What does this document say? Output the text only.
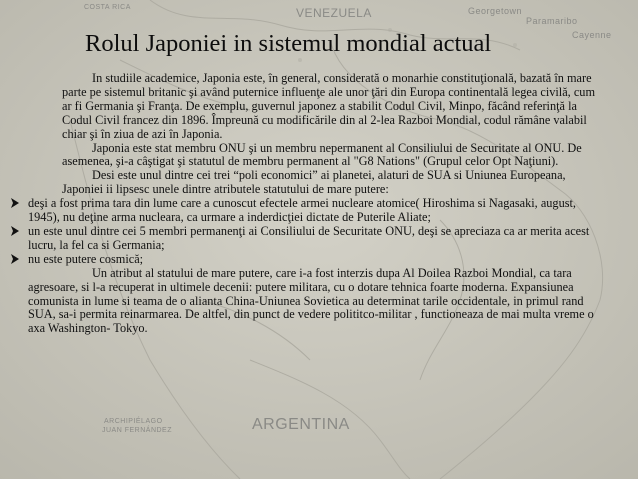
COSTA RICA	VENEZUELA	Georgetown
Paramaribo
Cayenne
ARCHIPIÉLAGO
JUAN FERNÁNDEZ	ARGENTINA
Rolul Japoniei in sistemul mondial actual

In studiile academice, Japonia este, în general, considerată o monarhie constituţională, bazată în mare parte pe sistemul britanic şi având puternice influenţe ale unor ţări din Europa continentală legea civilă, cum ar fi Germania şi Franţa. De exemplu, guvernul japonez a stabilit Codul Civil, Minpo, făcând referinţă la Codul Civil francez din 1896. Împreună cu modificările din al 2-lea Razboi Mondial, codul rămâne valabil chiar şi în ziua de azi în Japonia.

Japonia este stat membru ONU şi un membru nepermanent al Consiliului de Securitate al ONU. De asemenea, şi-a câştigat şi statutul de membru permanent al "G8 Nations" (Grupul celor Opt Naţiuni).

Desi este unul dintre cei trei “poli economici” ai planetei, alaturi de SUA si Uniunea Europeana, Japoniei ii lipsesc unele dintre atributele statutului de mare putere:

deşi a fost prima tara din lume care a cunoscut efectele armei nucleare atomice( Hiroshima si Nagasaki, august, 1945), nu deţine arma nucleara, ca urmare a inderdicţiei dictate de Puterile Aliate;

un este unul dintre cei 5 membri permanenţi ai Consiliului de Securitate ONU, deşi se apreciaza ca ar merita acest lucru, la fel ca si Germania;

nu este putere cosmică;

Un atribut al statului de mare putere, care i-a fost interzis dupa Al Doilea Razboi Mondial, ca tara agresoare, si l-a recuperat in ultimele decenii: putere militara, cu o dotare tehnica foarte moderna. Expansiunea comunista in lume si teama de o alianta China-Uniunea Sovietica au determinat tarile occidentale, in primul rand SUA, sa-i permita reinarmarea. De altfel, din punct de vedere polititco-militar , functioneaza de mai multa vreme o axa Washington- Tokyo.
